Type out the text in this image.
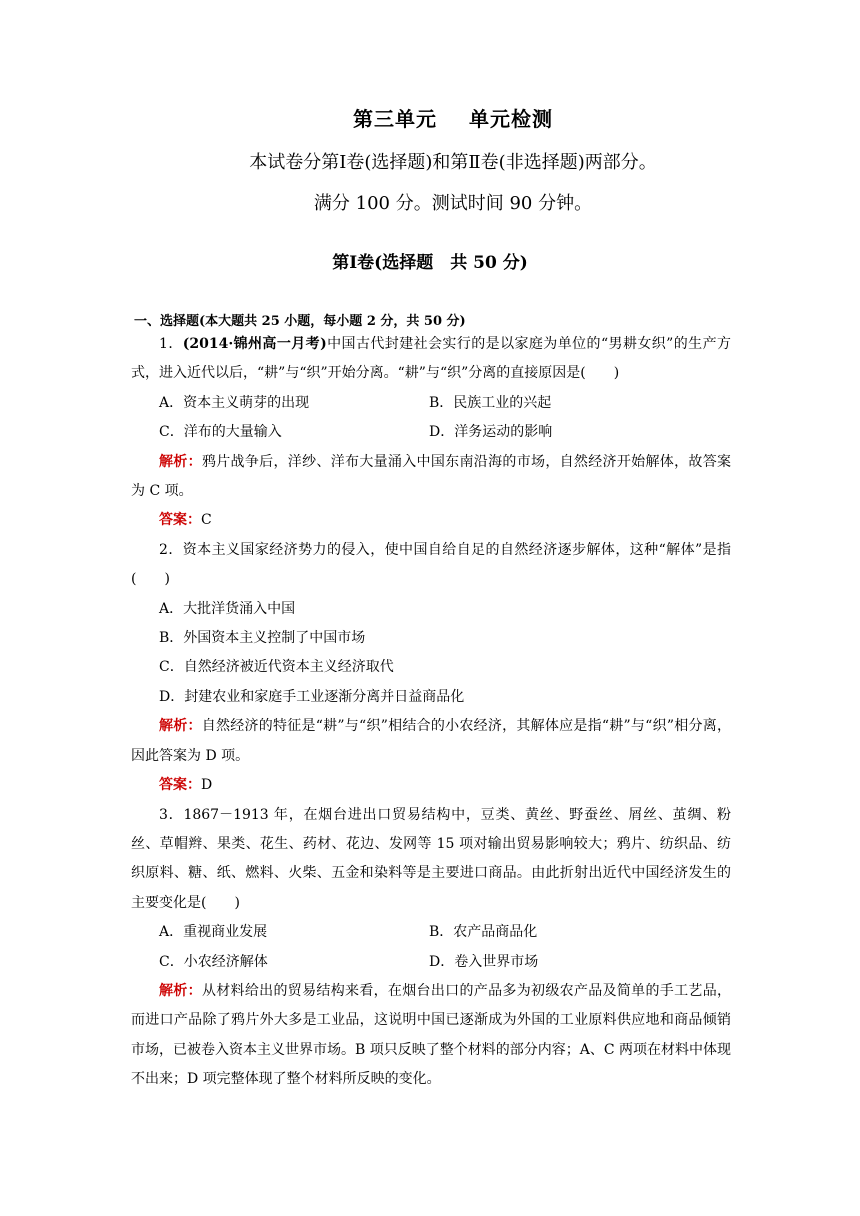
第三单元 单元检测
本试卷分第Ⅰ卷(选择题)和第Ⅱ卷(非选择题)两部分。
满分 100 分。测试时间 90 分钟。
第Ⅰ卷(选择题　共 50 分)
一、选择题(本大题共 25 小题，每小题 2 分，共 50 分)

1．(2014·锦州高一月考)中国古代封建社会实行的是以家庭为单位的“男耕女织”的生产方式，进入近代以后，“耕”与“织”开始分离。“耕”与“织”分离的直接原因是(　　)

A．资本主义萌芽的出现	B．民族工业的兴起
C．洋布的大量输入	D．洋务运动的影响

解析：鸦片战争后，洋纱、洋布大量涌入中国东南沿海的市场，自然经济开始解体，故答案为 C 项。

答案：C

2．资本主义国家经济势力的侵入，使中国自给自足的自然经济逐步解体，这种“解体”是指(　　)

A．大批洋货涌入中国

B．外国资本主义控制了中国市场

C．自然经济被近代资本主义经济取代

D．封建农业和家庭手工业逐渐分离并日益商品化

解析：自然经济的特征是“耕”与“织”相结合的小农经济，其解体应是指“耕”与“织”相分离，因此答案为 D 项。

答案：D

3．1867－1913 年，在烟台进出口贸易结构中，豆类、黄丝、野蚕丝、屑丝、茧绸、粉丝、草帽辫、果类、花生、药材、花边、发网等 15 项对输出贸易影响较大；鸦片、纺织品、纺织原料、糖、纸、燃料、火柴、五金和染料等是主要进口商品。由此折射出近代中国经济发生的主要变化是(　　)

A．重视商业发展	B．农产品商品化
C．小农经济解体	D．卷入世界市场

解析：从材料给出的贸易结构来看，在烟台出口的产品多为初级农产品及简单的手工艺品，而进口产品除了鸦片外大多是工业品，这说明中国已逐渐成为外国的工业原料供应地和商品倾销市场，已被卷入资本主义世界市场。B 项只反映了整个材料的部分内容；A、C 两项在材料中体现不出来；D 项完整体现了整个材料所反映的变化。
